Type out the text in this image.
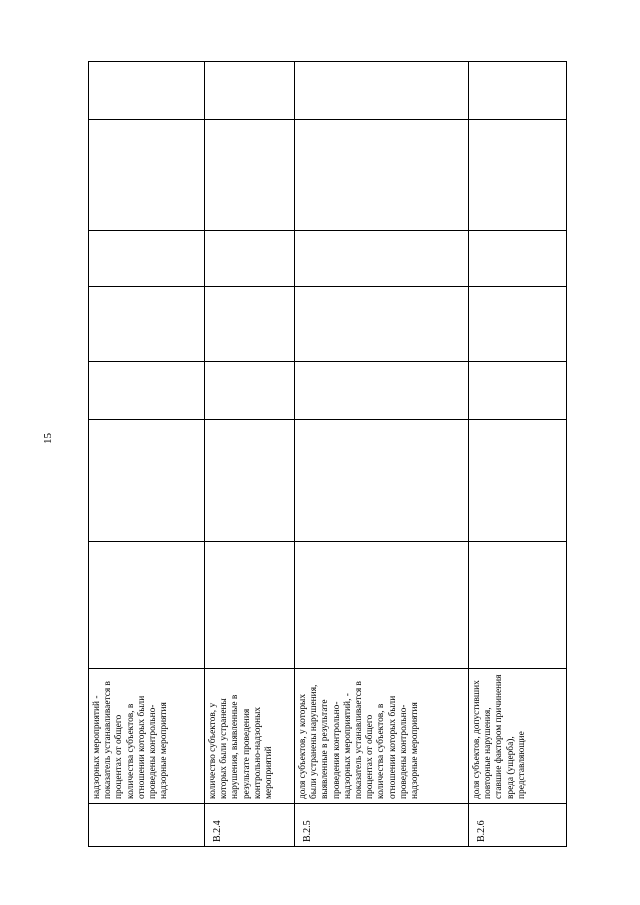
15
	надзорных мероприятий - показатель устанавливается в процентах от общего количества субъектов, в отношении которых были проведены контрольно-надзорные мероприятия							
В.2.4	количество субъектов, у которых были устранены нарушения, выявленные в результате проведения контрольно-надзорных мероприятий							
В.2.5	доля субъектов, у которых были устранены нарушения, выявленные в результате проведения контрольно-надзорных мероприятий, - показатель устанавливается в процентах от общего количества субъектов, в отношении которых были проведены контрольно-надзорные мероприятия							
В.2.6	доля субъектов, допустивших повторные нарушения, ставшие фактором причинения вреда (ущерба), представляющие							
